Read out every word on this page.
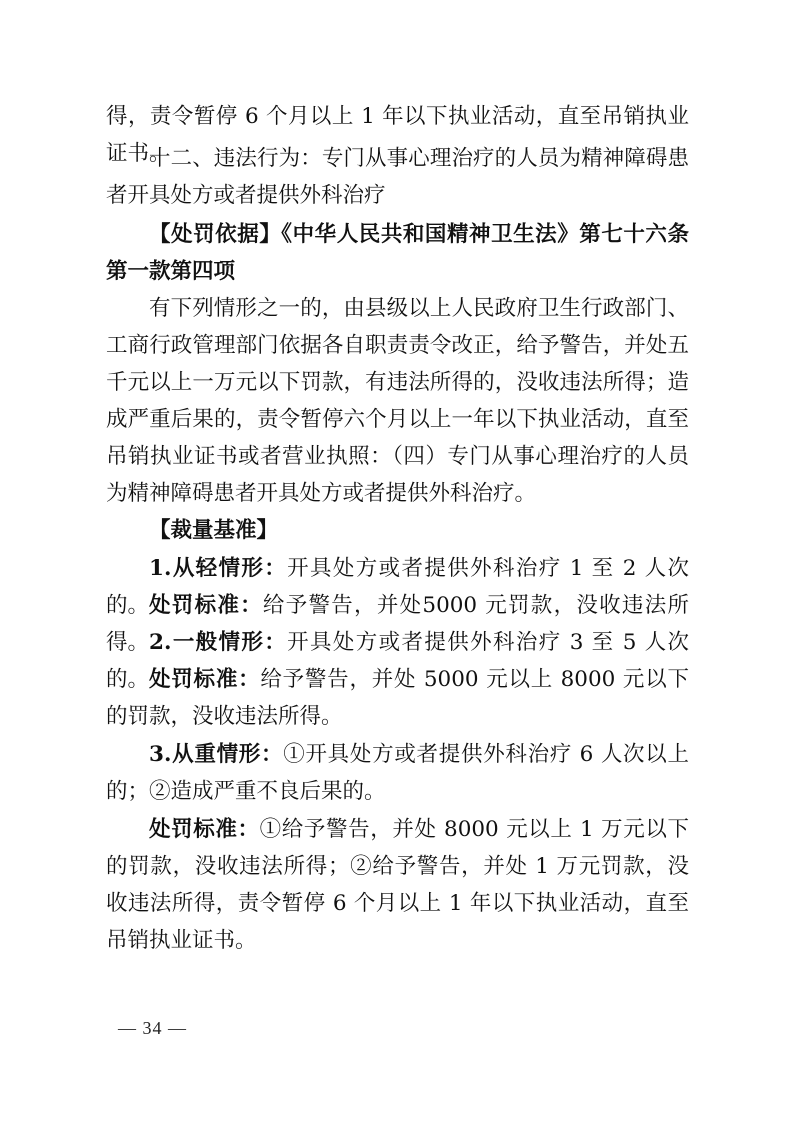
得，责令暂停 6 个月以上 1 年以下执业活动，直至吊销执业证书。

十二、违法行为：专门从事心理治疗的人员为精神障碍患者开具处方或者提供外科治疗

【处罚依据】《中华人民共和国精神卫生法》第七十六条第一款第四项

有下列情形之一的，由县级以上人民政府卫生行政部门、工商行政管理部门依据各自职责责令改正，给予警告，并处五千元以上一万元以下罚款，有违法所得的，没收违法所得；造成严重后果的，责令暂停六个月以上一年以下执业活动，直至吊销执业证书或者营业执照：（四）专门从事心理治疗的人员为精神障碍患者开具处方或者提供外科治疗。

【裁量基准】

1.从轻情形：开具处方或者提供外科治疗 1 至 2 人次的。 处罚标准：给予警告，并处5000 元罚款，没收违法所得。 2.一般情形：开具处方或者提供外科治疗 3 至 5 人次的。 处罚标准：给予警告，并处 5000 元以上 8000 元以下的罚款，没收违法所得。

3.从重情形：①开具处方或者提供外科治疗 6 人次以上的；②造成严重不良后果的。

处罚标准：①给予警告，并处 8000 元以上 1 万元以下的罚款，没收违法所得；②给予警告，并处 1 万元罚款，没收违法所得，责令暂停 6 个月以上 1 年以下执业活动，直至吊销执业证书。

— 34 —
